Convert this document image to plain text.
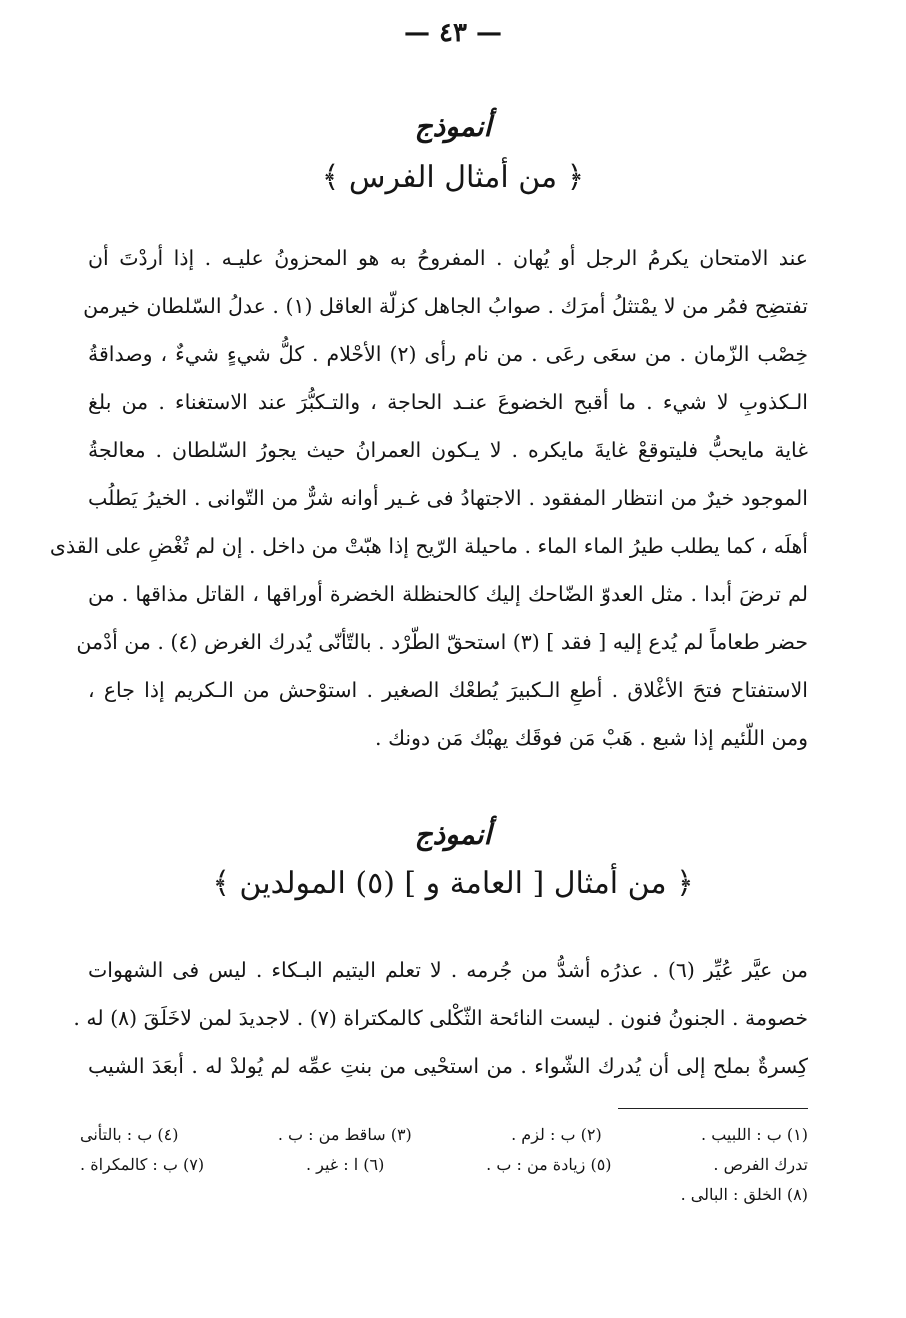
— ٤٣ —
أنموذج
﴿ من أمثال الفرس ﴾
عند الامتحان يكرمُ الرجل أو يُهان . المفروحُ به هو المحزونُ عليـه . إذا أردْتَ أن
تفتضِح فمُر من لا يمْتثلُ أمرَك . صوابُ الجاهل كزلّة العاقل (١) . عدلُ السّلطان خيرمن
خِصْب الزّمان . من سعَى رعَى . من نام رأى (٢) الأحْلام . كلُّ شيءٍ شيءٌ ، وصداقةُ
الـكذوبِ لا شيء . ما أقبح الخضوعَ عنـد الحاجة ، والتـكبُّرَ عند الاستغناء . من بلغ
غاية مايحبُّ فليتوقعْ غايةَ مايكره . لا يـكون العمرانُ حيث يجورُ السّلطان . معالجةُ
الموجود خيرٌ من انتظار المفقود . الاجتهادُ فى غـير أوانه شرٌّ من التّوانى . الخيرُ يَطلُب
أهلَه ، كما يطلب طيرُ الماء الماء . ماحيلة الرّيح إذا هبّتْ من داخل . إن لم تُغْضِ على القذى
لم ترضَ أبدا . مثل العدوّ الضّاحك إليك كالحنظلة الخضرة أوراقها ، القاتل مذاقها . من
حضر طعاماً لم يُدع إليه [ فقد ] (٣) استحقّ الطّرْد . بالتّأنّى يُدرك الغرض (٤) . من أدْمن
الاستفتاح فتحَ الأغْلاق . أطعِ الـكبيرَ يُطعْك الصغير . استوْحش من الـكريم إذا جاع ،
ومن اللّئيم إذا شبع . هَبْ مَن فوقَك يهبْك مَن دونك .
أنموذج
﴿ من أمثال [ العامة و ] (٥) المولدين ﴾
من عيَّر عُيِّر (٦) . عذرُه أشدُّ من جُرمه . لا تعلم اليتيم البـكاء . ليس فى الشهوات
خصومة . الجنونُ فنون . ليست النائحة الثّكْلى كالمكتراة (٧) . لاجديدَ لمن لاخَلَقَ (٨) له .
كِسرةٌ بملح إلى أن يُدرك الشّواء . من استحْيى من بنتِ عمِّه لم يُولدْ له . أبعَدَ الشيب
(١) ب : اللبيب .
(٢) ب : لزم .
(٣) ساقط من : ب .
(٤) ب : بالتأنى
تدرك الفرص .
(٥) زيادة من : ب .
(٦) ا : غير .
(٧) ب : كالمكراة .
(٨) الخلق : البالى .
